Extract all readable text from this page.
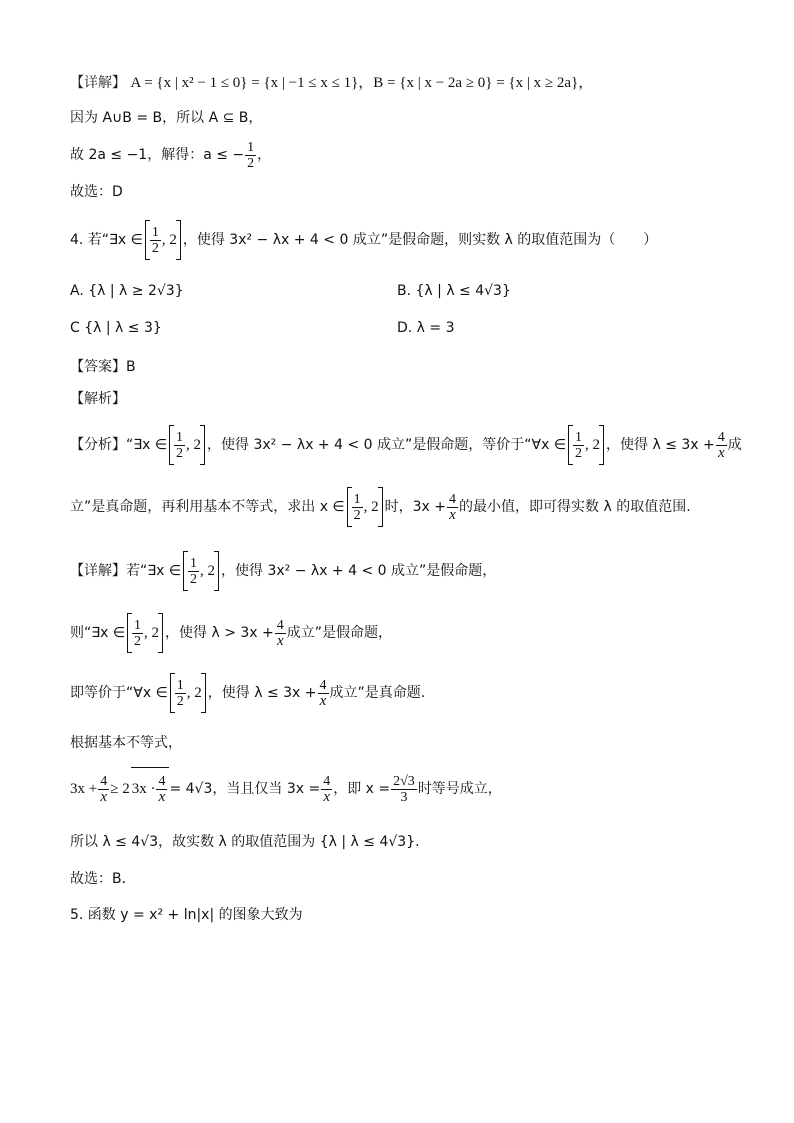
【详解】 A = {x | x² − 1 ≤ 0} = {x | −1 ≤ x ≤ 1}，B = {x | x − 2a ≥ 0} = {x | x ≥ 2a}，
因为 A∪B = B，所以 A ⊆ B，
故 2a ≤ −1，解得：a ≤ − $\frac{1}{2}$ ，
故选：D
4. 若“∃x ∈ $\frac{1}{2}$ , 2 ，使得 3x² − λx + 4 < 0 成立”是假命题，则实数 λ 的取值范围为（　　）
A. {λ | λ ≥ 2√3}	B. {λ | λ ≤ 4√3}
C {λ | λ ≤ 3}	D. λ = 3
【答案】B
【解析】
【分析】“∃x ∈ $\frac{1}{2}$ , 2 ，使得 3x² − λx + 4 < 0 成立”是假命题，等价于“∀x ∈ $\frac{1}{2}$ , 2 ，使得 $\lambda \le 3x + \frac{4}{x}$ 成
立”是真命题，再利用基本不等式，求出 x ∈ $\frac{1}{2}$ , 2 时，$3x + \frac{4}{x}$ 的最小值，即可得实数 λ 的取值范围.
【详解】若“∃x ∈ $\frac{1}{2}$ , 2 ，使得 3x² − λx + 4 < 0 成立”是假命题，
则“∃x ∈ $\frac{1}{2}$ , 2 ，使得 $\lambda > 3x + \frac{4}{x}$ 成立”是假命题，
即等价于“∀x ∈ $\frac{1}{2}$ , 2 ，使得 $\lambda \le 3x + \frac{4}{x}$ 成立”是真命题.
根据基本不等式，
$3x + \frac{4}{x} \ge 2$ $3x \cdot \frac{4}{x} = 4√3$，当且仅当 $3x = \frac{4}{x}$ ，即 $x = \frac{2√3}{3}$ 时等号成立，
所以 λ ≤ 4√3，故实数 λ 的取值范围为 {λ | λ ≤ 4√3}.
故选：B．
5. 函数 y = x² + ln|x| 的图象大致为
